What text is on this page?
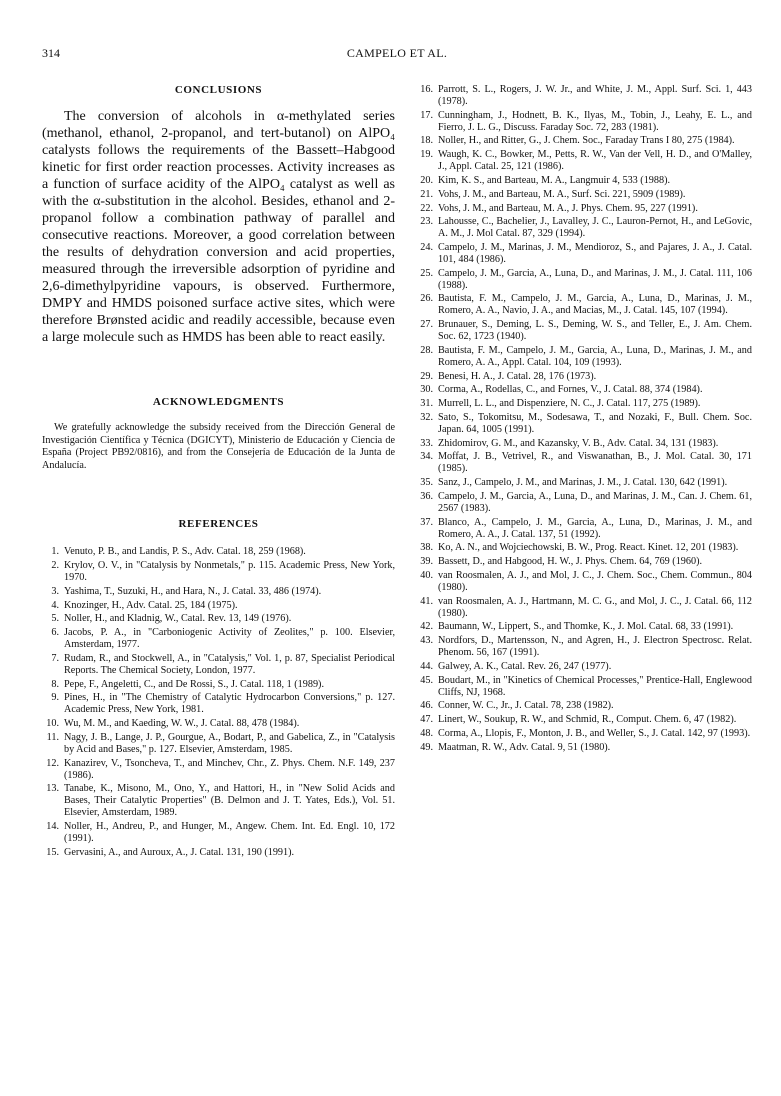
314	CAMPELO ET AL.
CONCLUSIONS

The conversion of alcohols in α-methylated series (methanol, ethanol, 2-propanol, and tert-butanol) on AlPO₄ catalysts follows the requirements of the Bassett–Habgood kinetic for first order reaction processes. Activity increases as a function of surface acidity of the AlPO₄ catalyst as well as with the α-substitution in the alcohol. Besides, ethanol and 2-propanol follow a combination pathway of parallel and consecutive reactions. Moreover, a good correlation between the results of dehydration conversion and acid properties, measured through the irreversible adsorption of pyridine and 2,6-dimethylpyridine vapours, is observed. Furthermore, DMPY and HMDS poisoned surface active sites, which were therefore Brønsted acidic and readily accessible, because even a large molecule such as HMDS has been able to react easily.

ACKNOWLEDGMENTS

We gratefully acknowledge the subsidy received from the Dirección General de Investigación Científica y Técnica (DGICYT), Ministerio de Educación y Ciencia de España (Project PB92/0816), and from the Consejería de Educación de la Junta de Andalucía.

REFERENCES
1. Venuto, P. B., and Landis, P. S., Adv. Catal. 18, 259 (1968).
2. Krylov, O. V., in "Catalysis by Nonmetals," p. 115. Academic Press, New York, 1970.
3. Yashima, T., Suzuki, H., and Hara, N., J. Catal. 33, 486 (1974).
4. Knozinger, H., Adv. Catal. 25, 184 (1975).
5. Noller, H., and Kladnig, W., Catal. Rev. 13, 149 (1976).
6. Jacobs, P. A., in "Carboniogenic Activity of Zeolites," p. 100. Elsevier, Amsterdam, 1977.
7. Rudam, R., and Stockwell, A., in "Catalysis," Vol. 1, p. 87, Specialist Periodical Reports. The Chemical Society, London, 1977.
8. Pepe, F., Angeletti, C., and De Rossi, S., J. Catal. 118, 1 (1989).
9. Pines, H., in "The Chemistry of Catalytic Hydrocarbon Conversions," p. 127. Academic Press, New York, 1981.
10. Wu, M. M., and Kaeding, W. W., J. Catal. 88, 478 (1984).
11. Nagy, J. B., Lange, J. P., Gourgue, A., Bodart, P., and Gabelica, Z., in "Catalysis by Acid and Bases," p. 127. Elsevier, Amsterdam, 1985.
12. Kanazirev, V., Tsoncheva, T., and Minchev, Chr., Z. Phys. Chem. N.F. 149, 237 (1986).
13. Tanabe, K., Misono, M., Ono, Y., and Hattori, H., in "New Solid Acids and Bases, Their Catalytic Properties" (B. Delmon and J. T. Yates, Eds.), Vol. 51. Elsevier, Amsterdam, 1989.
14. Noller, H., Andreu, P., and Hunger, M., Angew. Chem. Int. Ed. Engl. 10, 172 (1991).
15. Gervasini, A., and Auroux, A., J. Catal. 131, 190 (1991).
16. Parrott, S. L., Rogers, J. W. Jr., and White, J. M., Appl. Surf. Sci. 1, 443 (1978).
17. Cunningham, J., Hodnett, B. K., Ilyas, M., Tobin, J., Leahy, E. L., and Fierro, J. L. G., Discuss. Faraday Soc. 72, 283 (1981).
18. Noller, H., and Ritter, G., J. Chem. Soc., Faraday Trans I 80, 275 (1984).
19. Waugh, K. C., Bowker, M., Petts, R. W., Van der Vell, H. D., and O'Malley, J., Appl. Catal. 25, 121 (1986).
20. Kim, K. S., and Barteau, M. A., Langmuir 4, 533 (1988).
21. Vohs, J. M., and Barteau, M. A., Surf. Sci. 221, 5909 (1989).
22. Vohs, J. M., and Barteau, M. A., J. Phys. Chem. 95, 227 (1991).
23. Lahousse, C., Bachelier, J., Lavalley, J. C., Lauron-Pernot, H., and LeGovic, A. M., J. Mol Catal. 87, 329 (1994).
24. Campelo, J. M., Marinas, J. M., Mendioroz, S., and Pajares, J. A., J. Catal. 101, 484 (1986).
25. Campelo, J. M., Garcia, A., Luna, D., and Marinas, J. M., J. Catal. 111, 106 (1988).
26. Bautista, F. M., Campelo, J. M., Garcia, A., Luna, D., Marinas, J. M., Romero, A. A., Navio, J. A., and Macias, M., J. Catal. 145, 107 (1994).
27. Brunauer, S., Deming, L. S., Deming, W. S., and Teller, E., J. Am. Chem. Soc. 62, 1723 (1940).
28. Bautista, F. M., Campelo, J. M., Garcia, A., Luna, D., Marinas, J. M., and Romero, A. A., Appl. Catal. 104, 109 (1993).
29. Benesi, H. A., J. Catal. 28, 176 (1973).
30. Corma, A., Rodellas, C., and Fornes, V., J. Catal. 88, 374 (1984).
31. Murrell, L. L., and Dispenziere, N. C., J. Catal. 117, 275 (1989).
32. Sato, S., Tokomitsu, M., Sodesawa, T., and Nozaki, F., Bull. Chem. Soc. Japan. 64, 1005 (1991).
33. Zhidomirov, G. M., and Kazansky, V. B., Adv. Catal. 34, 131 (1983).
34. Moffat, J. B., Vetrivel, R., and Viswanathan, B., J. Mol. Catal. 30, 171 (1985).
35. Sanz, J., Campelo, J. M., and Marinas, J. M., J. Catal. 130, 642 (1991).
36. Campelo, J. M., Garcia, A., Luna, D., and Marinas, J. M., Can. J. Chem. 61, 2567 (1983).
37. Blanco, A., Campelo, J. M., Garcia, A., Luna, D., Marinas, J. M., and Romero, A. A., J. Catal. 137, 51 (1992).
38. Ko, A. N., and Wojciechowski, B. W., Prog. React. Kinet. 12, 201 (1983).
39. Bassett, D., and Habgood, H. W., J. Phys. Chem. 64, 769 (1960).
40. van Roosmalen, A. J., and Mol, J. C., J. Chem. Soc., Chem. Commun., 804 (1980).
41. van Roosmalen, A. J., Hartmann, M. C. G., and Mol, J. C., J. Catal. 66, 112 (1980).
42. Baumann, W., Lippert, S., and Thomke, K., J. Mol. Catal. 68, 33 (1991).
43. Nordfors, D., Martensson, N., and Agren, H., J. Electron Spectrosc. Relat. Phenom. 56, 167 (1991).
44. Galwey, A. K., Catal. Rev. 26, 247 (1977).
45. Boudart, M., in "Kinetics of Chemical Processes," Prentice-Hall, Englewood Cliffs, NJ, 1968.
46. Conner, W. C., Jr., J. Catal. 78, 238 (1982).
47. Linert, W., Soukup, R. W., and Schmid, R., Comput. Chem. 6, 47 (1982).
48. Corma, A., Llopis, F., Monton, J. B., and Weller, S., J. Catal. 142, 97 (1993).
49. Maatman, R. W., Adv. Catal. 9, 51 (1980).
